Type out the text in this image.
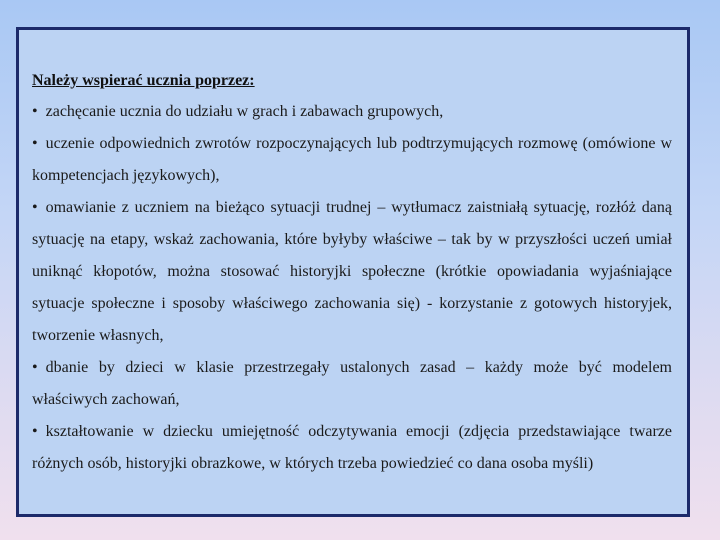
Należy wspierać ucznia poprzez:
• zachęcanie ucznia do udziału w grach i zabawach grupowych,
• uczenie odpowiednich zwrotów rozpoczynających lub podtrzymujących rozmowę (omówione w kompetencjach językowych),
• omawianie z uczniem na bieżąco sytuacji trudnej – wytłumacz zaistniałą sytuację, rozłóż daną sytuację na etapy, wskaż zachowania, które byłyby właściwe – tak by w przyszłości uczeń umiał uniknąć kłopotów, można stosować historyjki społeczne (krótkie opowiadania wyjaśniające sytuacje społeczne i sposoby właściwego zachowania się) - korzystanie z gotowych historyjek, tworzenie własnych,
• dbanie by dzieci w klasie przestrzegały ustalonych zasad – każdy może być modelem właściwych zachowań,
• kształtowanie w dziecku umiejętność odczytywania emocji (zdjęcia przedstawiające twarze różnych osób, historyjki obrazkowe, w których trzeba powiedzieć co dana osoba myśli)
